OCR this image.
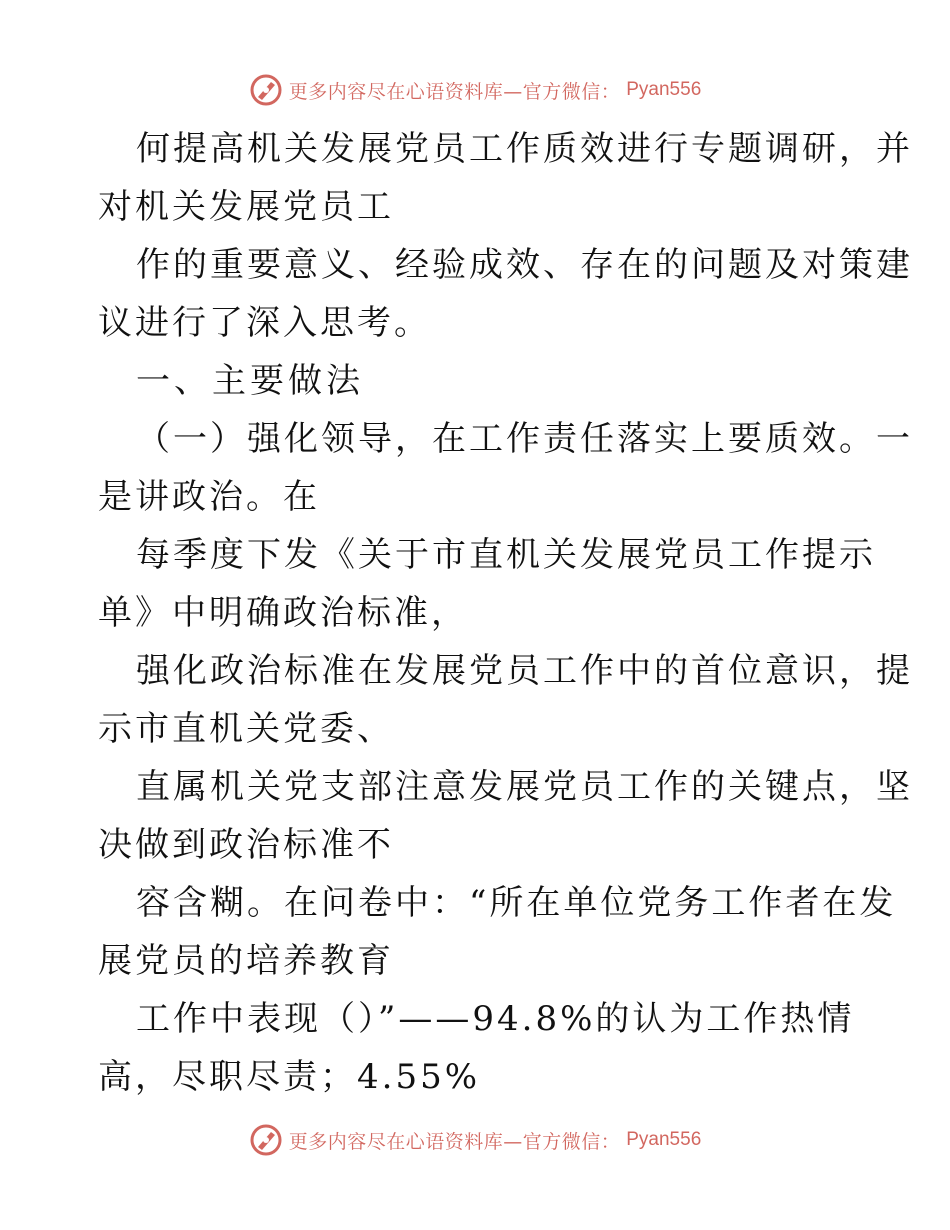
更多内容尽在心语资料库—官方微信： Pyan556
何提高机关发展党员工作质效进行专题调研，并
对机关发展党员工
作的重要意义、经验成效、存在的问题及对策建
议进行了深入思考。
一、主要做法
（一）强化领导，在工作责任落实上要质效。一
是讲政治。在
每季度下发《关于市直机关发展党员工作提示
单》中明确政治标准，
强化政治标准在发展党员工作中的首位意识，提
示市直机关党委、
直属机关党支部注意发展党员工作的关键点，坚
决做到政治标准不
容含糊。在问卷中：“所在单位党务工作者在发
展党员的培养教育
工作中表现（）”——94.8%的认为工作热情
高，尽职尽责；4.55%
更多内容尽在心语资料库—官方微信： Pyan556
